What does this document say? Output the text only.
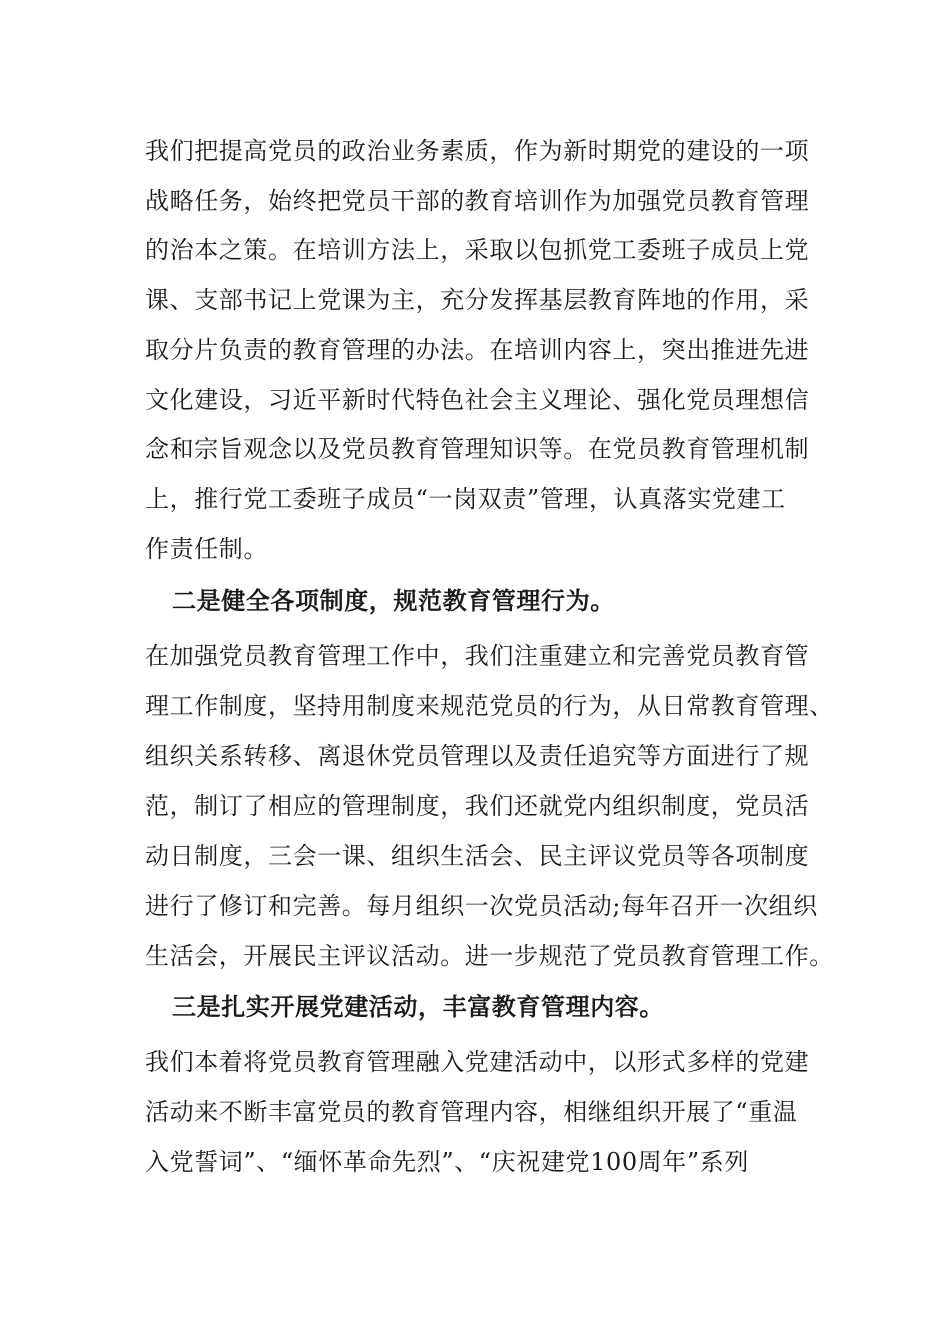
我们把提高党员的政治业务素质，作为新时期党的建设的一项
战略任务，始终把党员干部的教育培训作为加强党员教育管理
的治本之策。在培训方法上，采取以包抓党工委班子成员上党
课、支部书记上党课为主，充分发挥基层教育阵地的作用，采
取分片负责的教育管理的办法。在培训内容上，突出推进先进
文化建设，习近平新时代特色社会主义理论、强化党员理想信
念和宗旨观念以及党员教育管理知识等。在党员教育管理机制
上，推行党工委班子成员“一岗双责”管理，认真落实党建工
作责任制。
二是健全各项制度，规范教育管理行为。
在加强党员教育管理工作中，我们注重建立和完善党员教育管
理工作制度，坚持用制度来规范党员的行为，从日常教育管理、
组织关系转移、离退休党员管理以及责任追究等方面进行了规
范，制订了相应的管理制度，我们还就党内组织制度，党员活
动日制度，三会一课、组织生活会、民主评议党员等各项制度
进行了修订和完善。每月组织一次党员活动;每年召开一次组织
生活会，开展民主评议活动。进一步规范了党员教育管理工作。
三是扎实开展党建活动，丰富教育管理内容。
我们本着将党员教育管理融入党建活动中，以形式多样的党建
活动来不断丰富党员的教育管理内容，相继组织开展了“重温
入党誓词”、“缅怀革命先烈”、“庆祝建党100周年”系列
